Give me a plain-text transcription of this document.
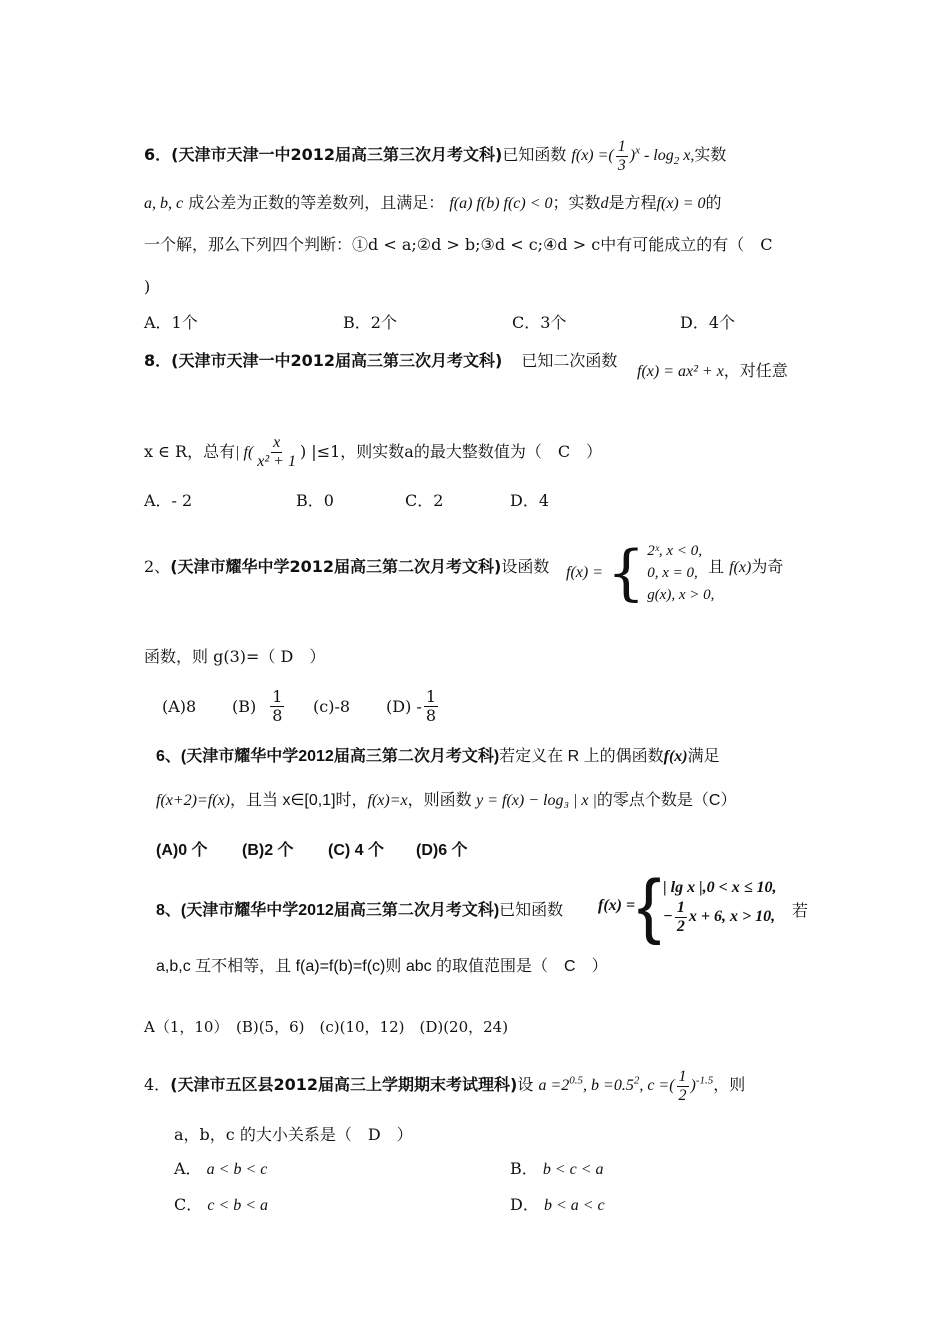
6．(天津市天津一中2012届高三第三次月考文科)已知函数 f(x) =( $\frac{1}{3} )^x - \log_2 x$,实数
a, b, c 成公差为正数的等差数列，且满足： f(a) f(b) f(c) < 0；实数d是方程f(x) = 0的
一个解，那么下列四个判断：①d < a;②d > b;③d < c;④d > c中有可能成立的有（　C
)
A．1个	B．2个	C．3个	D．4个
8．(天津市天津一中2012届高三第三次月考文科) 已知二次函数
f(x) = ax² + x，对任意
x ∈ R，总有| $f( \frac{x}{\text{x² + 1}}$ ) |≤1，则实数a的最大整数值为（　C　）
A．- 2	B．0	C．2	D．4
2、(天津市耀华中学2012届高三第二次月考文科)设函数 f(x) = { 2ˣ, x < 0,
0, x = 0,
g(x), x > 0,
且 f(x)为奇
函数，则 g(3)=（ D　）
(A)8 $(B) \frac{1}{8} (c)-8$ $(D) - \frac{1}{8}$
6、(天津市耀华中学2012届高三第二次月考文科)若定义在 R 上的偶函数f(x)满足
f(x+2)=f(x)，且当 x∈[0,1]时，f(x)=x，则函数 y = f(x) − log₃ | x |的零点个数是（C）
(A)0 个 (B)2 个 (C) 4 个 (D)6 个
8、(天津市耀华中学2012届高三第二次月考文科)已知函数 f(x) = { | lg x |,0 < x ≤ 10,
− $\frac{1}{2}$ x + 6, x > 10, 若
a,b,c 互不相等，且 f(a)=f(b)=f(c)则 abc 的取值范围是（　C　）
A（1，10）　(B)(5，6)　(c)(10，12)　(D)(20，24)
4．(天津市五区县2012届高三上学期期末考试理科)设 $a =2^{0.5}$, $b =0.5^2$, c =( $\frac{1}{2} )^{-1.5}$，则
a，b，c 的大小关系是（　D　）
A． a < b < c	B． b < c < a
C． c < b < a	D． b < a < c
